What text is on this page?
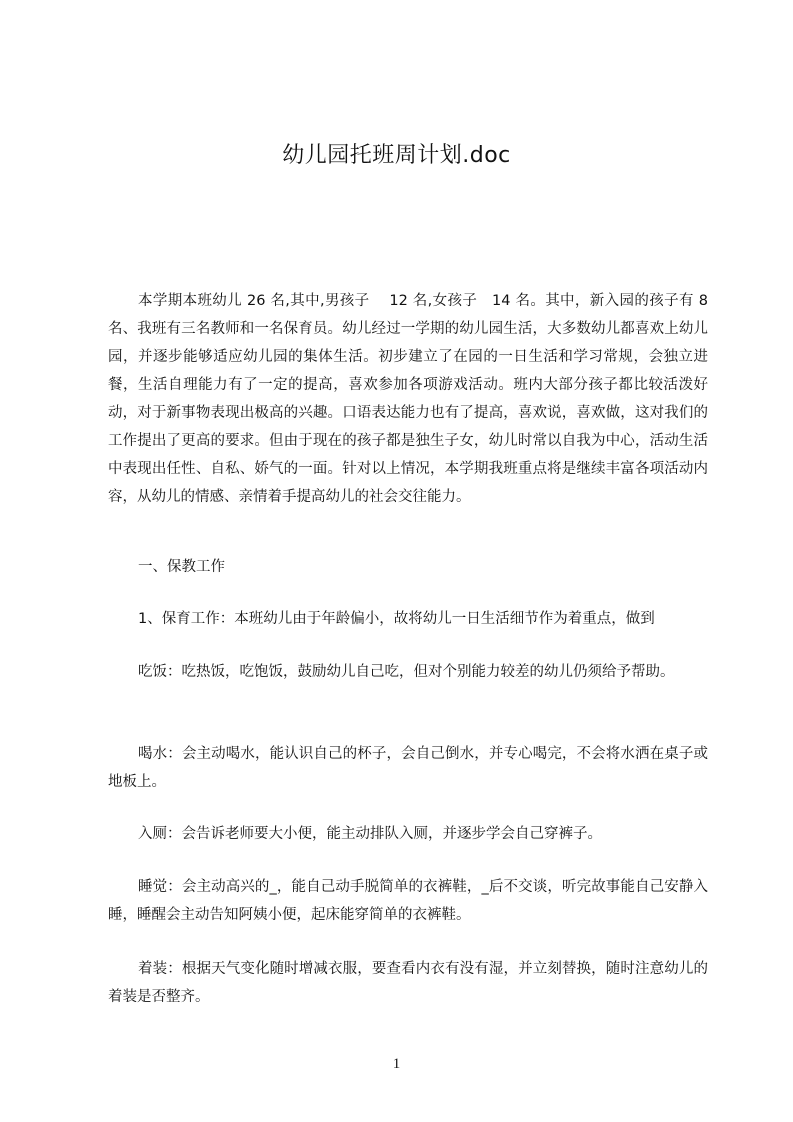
幼儿园托班周计划.doc

本学期本班幼儿 26 名,其中,男孩子　 12 名,女孩子　14 名。其中，新入园的孩子有 8 名、我班有三名教师和一名保育员。幼儿经过一学期的幼儿园生活，大多数幼儿都喜欢上幼儿园，并逐步能够适应幼儿园的集体生活。初步建立了在园的一日生活和学习常规，会独立进餐，生活自理能力有了一定的提高，喜欢参加各项游戏活动。班内大部分孩子都比较活泼好动，对于新事物表现出极高的兴趣。口语表达能力也有了提高，喜欢说，喜欢做，这对我们的工作提出了更高的要求。但由于现在的孩子都是独生子女，幼儿时常以自我为中心，活动生活中表现出任性、自私、娇气的一面。针对以上情况，本学期我班重点将是继续丰富各项活动内容，从幼儿的情感、亲情着手提高幼儿的社会交往能力。

一、保教工作

1、保育工作：本班幼儿由于年龄偏小，故将幼儿一日生活细节作为着重点，做到

吃饭：吃热饭，吃饱饭，鼓励幼儿自己吃，但对个别能力较差的幼儿仍须给予帮助。

喝水：会主动喝水，能认识自己的杯子，会自己倒水，并专心喝完，不会将水洒在桌子或地板上。

入厕：会告诉老师要大小便，能主动排队入厕，并逐步学会自己穿裤子。

睡觉：会主动高兴的_，能自己动手脱简单的衣裤鞋，_后不交谈，听完故事能自己安静入睡，睡醒会主动告知阿姨小便，起床能穿简单的衣裤鞋。

着装：根据天气变化随时增减衣服，要查看内衣有没有湿，并立刻替换，随时注意幼儿的着装是否整齐。

1
